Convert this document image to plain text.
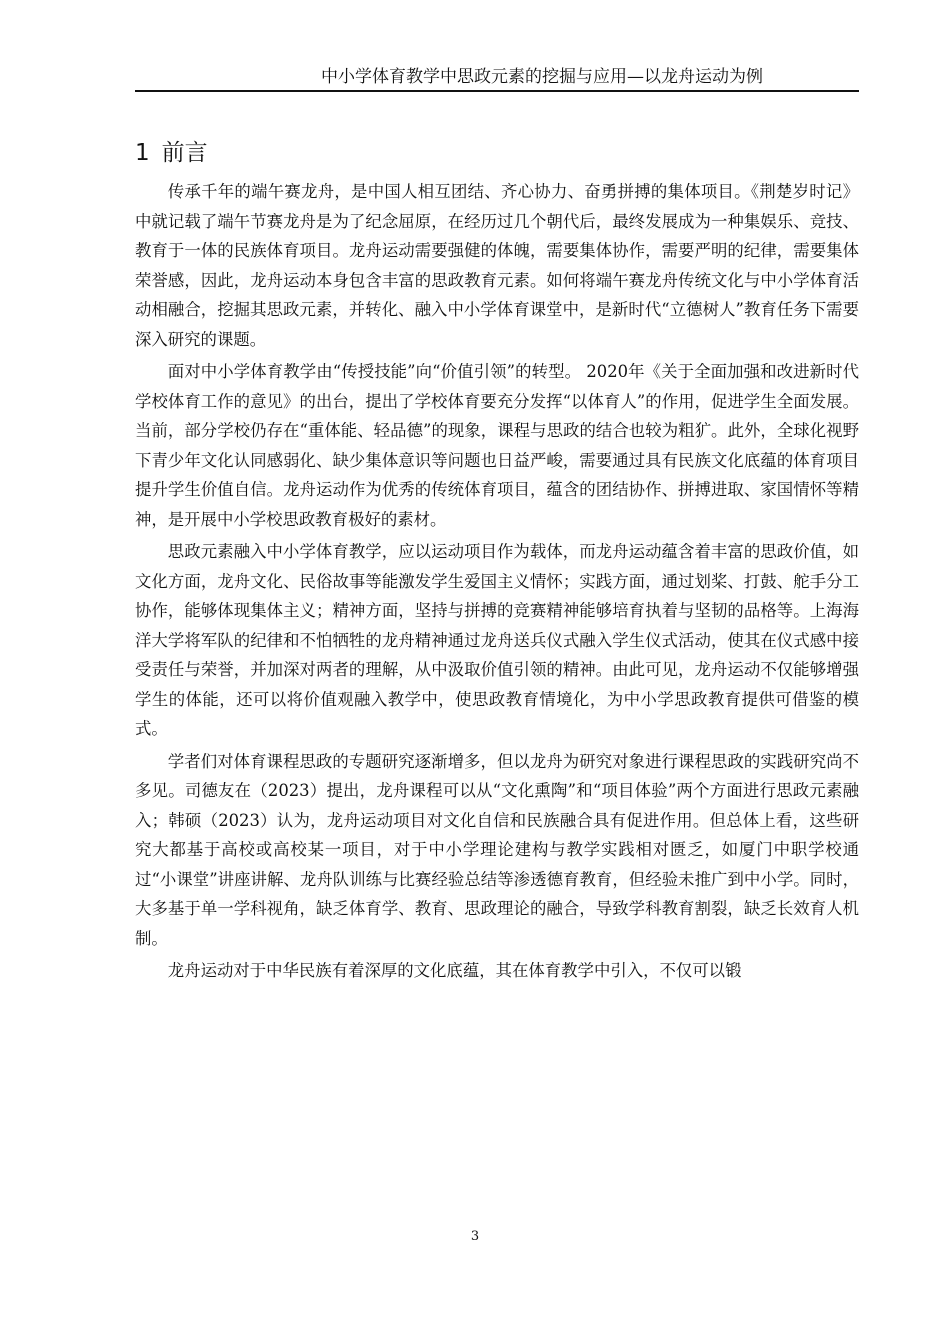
中小学体育教学中思政元素的挖掘与应用—以龙舟运动为例
1 前言

传承千年的端午赛龙舟，是中国人相互团结、齐心协力、奋勇拼搏的集体项目。《荆楚岁时记》中就记载了端午节赛龙舟是为了纪念屈原，在经历过几个朝代后，最终发展成为一种集娱乐、竞技、教育于一体的民族体育项目。龙舟运动需要强健的体魄，需要集体协作，需要严明的纪律，需要集体荣誉感，因此，龙舟运动本身包含丰富的思政教育元素。如何将端午赛龙舟传统文化与中小学体育活动相融合，挖掘其思政元素，并转化、融入中小学体育课堂中，是新时代“立德树人”教育任务下需要深入研究的课题。

面对中小学体育教学由“传授技能”向“价值引领”的转型。 2020年《关于全面加强和改进新时代学校体育工作的意见》的出台，提出了学校体育要充分发挥“以体育人”的作用，促进学生全面发展。当前，部分学校仍存在“重体能、轻品德”的现象，课程与思政的结合也较为粗犷。此外，全球化视野下青少年文化认同感弱化、缺少集体意识等问题也日益严峻，需要通过具有民族文化底蕴的体育项目提升学生价值自信。龙舟运动作为优秀的传统体育项目，蕴含的团结协作、拼搏进取、家国情怀等精神，是开展中小学校思政教育极好的素材。

思政元素融入中小学体育教学，应以运动项目作为载体，而龙舟运动蕴含着丰富的思政价值，如文化方面，龙舟文化、民俗故事等能激发学生爱国主义情怀；实践方面，通过划桨、打鼓、舵手分工协作，能够体现集体主义；精神方面，坚持与拼搏的竞赛精神能够培育执着与坚韧的品格等。上海海洋大学将军队的纪律和不怕牺牲的龙舟精神通过龙舟送兵仪式融入学生仪式活动，使其在仪式感中接受责任与荣誉，并加深对两者的理解，从中汲取价值引领的精神。由此可见，龙舟运动不仅能够增强学生的体能，还可以将价值观融入教学中，使思政教育情境化，为中小学思政教育提供可借鉴的模式。

学者们对体育课程思政的专题研究逐渐增多，但以龙舟为研究对象进行课程思政的实践研究尚不多见。司德友在（2023）提出，龙舟课程可以从“文化熏陶”和“项目体验”两个方面进行思政元素融入；韩硕（2023）认为，龙舟运动项目对文化自信和民族融合具有促进作用。但总体上看，这些研究大都基于高校或高校某一项目，对于中小学理论建构与教学实践相对匮乏，如厦门中职学校通过“小课堂”讲座讲解、龙舟队训练与比赛经验总结等渗透德育教育，但经验未推广到中小学。同时，大多基于单一学科视角，缺乏体育学、教育、思政理论的融合，导致学科教育割裂，缺乏长效育人机制。

龙舟运动对于中华民族有着深厚的文化底蕴，其在体育教学中引入，不仅可以锻

3
